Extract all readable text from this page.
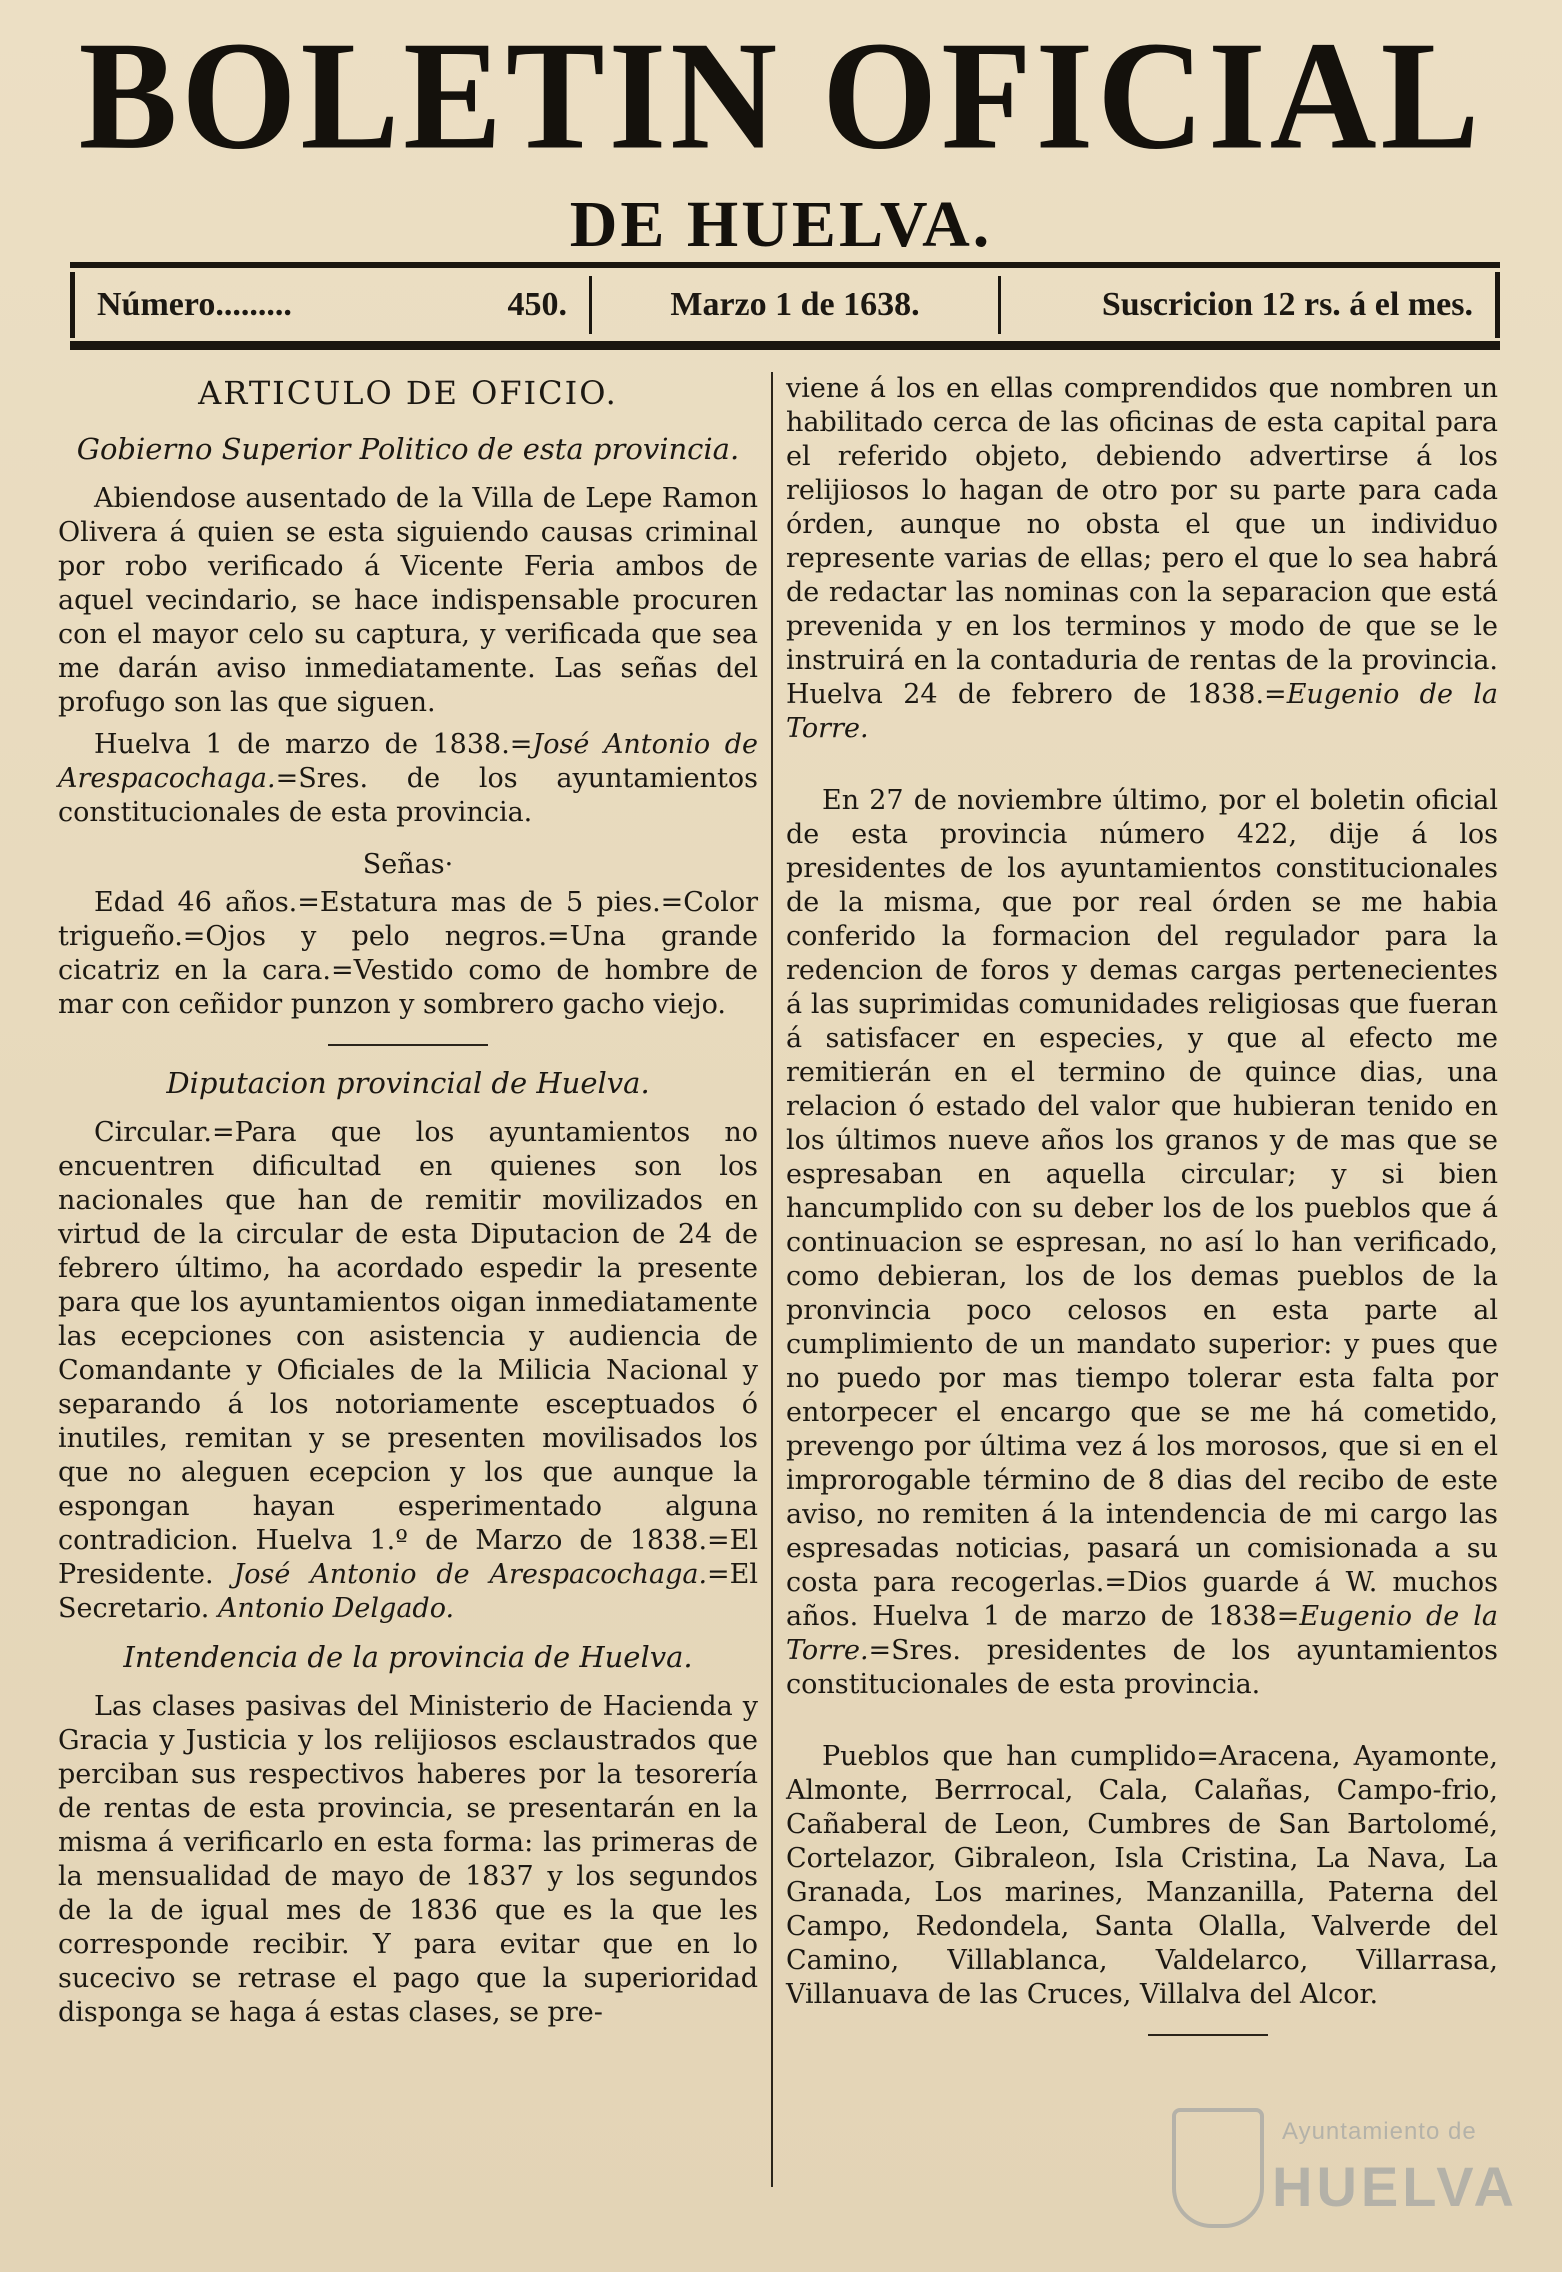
BOLETIN OFICIAL
DE HUELVA.
Número.........	450.	Marzo 1 de 1638.	Suscricion 12 rs. á el mes.
ARTICULO DE OFICIO.
Gobierno Superior Politico de esta provincia.

Abiendose ausentado de la Villa de Lepe Ramon Olivera á quien se esta siguiendo causas criminal por robo verificado á Vicente Feria ambos de aquel vecindario, se hace indispensable procuren con el mayor celo su captura, y verificada que sea me darán aviso inmediatamente. Las señas del profugo son las que siguen.

Huelva 1 de marzo de 1838.=José Antonio de Arespacochaga.=Sres. de los ayuntamientos constitucionales de esta provincia.

Señas·

Edad 46 años.=Estatura mas de 5 pies.=Color trigueño.=Ojos y pelo negros.=Una grande cicatriz en la cara.=Vestido como de hombre de mar con ceñidor punzon y sombrero gacho viejo.

Diputacion provincial de Huelva.

Circular.=Para que los ayuntamientos no encuentren dificultad en quienes son los nacionales que han de remitir movilizados en virtud de la circular de esta Diputacion de 24 de febrero último, ha acordado espedir la presente para que los ayuntamientos oigan inmediatamente las ecepciones con asistencia y audiencia de Comandante y Oficiales de la Milicia Nacional y separando á los notoriamente esceptuados ó inutiles, remitan y se presenten movilisados los que no aleguen ecepcion y los que aunque la espongan hayan esperimentado alguna contradicion. Huelva 1.º de Marzo de 1838.=El Presidente. José Antonio de Arespacochaga.=El Secretario. Antonio Delgado.

Intendencia de la provincia de Huelva.

Las clases pasivas del Ministerio de Hacienda y Gracia y Justicia y los relijiosos esclaustrados que perciban sus respectivos haberes por la tesorería de rentas de esta provincia, se presentarán en la misma á verificarlo en esta forma: las primeras de la mensualidad de mayo de 1837 y los segundos de la de igual mes de 1836 que es la que les corresponde recibir. Y para evitar que en lo sucecivo se retrase el pago que la superioridad disponga se haga á estas clases, se pre-

viene á los en ellas comprendidos que nombren un habilitado cerca de las oficinas de esta capital para el referido objeto, debiendo advertirse á los relijiosos lo hagan de otro por su parte para cada órden, aunque no obsta el que un individuo represente varias de ellas; pero el que lo sea habrá de redactar las nominas con la separacion que está prevenida y en los terminos y modo de que se le instruirá en la contaduria de rentas de la provincia. Huelva 24 de febrero de 1838.=Eugenio de la Torre.

En 27 de noviembre último, por el boletin oficial de esta provincia número 422, dije á los presidentes de los ayuntamientos constitucionales de la misma, que por real órden se me habia conferido la formacion del regulador para la redencion de foros y demas cargas pertenecientes á las suprimidas comunidades religiosas que fueran á satisfacer en especies, y que al efecto me remitierán en el termino de quince dias, una relacion ó estado del valor que hubieran tenido en los últimos nueve años los granos y de mas que se espresaban en aquella circular; y si bien hancumplido con su deber los de los pueblos que á continuacion se espresan, no así lo han verificado, como debieran, los de los demas pueblos de la pronvincia poco celosos en esta parte al cumplimiento de un mandato superior: y pues que no puedo por mas tiempo tolerar esta falta por entorpecer el encargo que se me há cometido, prevengo por última vez á los morosos, que si en el improrogable término de 8 dias del recibo de este aviso, no remiten á la intendencia de mi cargo las espresadas noticias, pasará un comisionada a su costa para recogerlas.=Dios guarde á W. muchos años. Huelva 1 de marzo de 1838=Eugenio de la Torre.=Sres. presidentes de los ayuntamientos constitucionales de esta provincia.

Pueblos que han cumplido=Aracena, Ayamonte, Almonte, Berrrocal, Cala, Calañas, Campo-frio, Cañaberal de Leon, Cumbres de San Bartolomé, Cortelazor, Gibraleon, Isla Cristina, La Nava, La Granada, Los marines, Manzanilla, Paterna del Campo, Redondela, Santa Olalla, Valverde del Camino, Villablanca, Valdelarco, Villarrasa, Villanuava de las Cruces, Villalva del Alcor.

Ayuntamiento de
HUELVA
